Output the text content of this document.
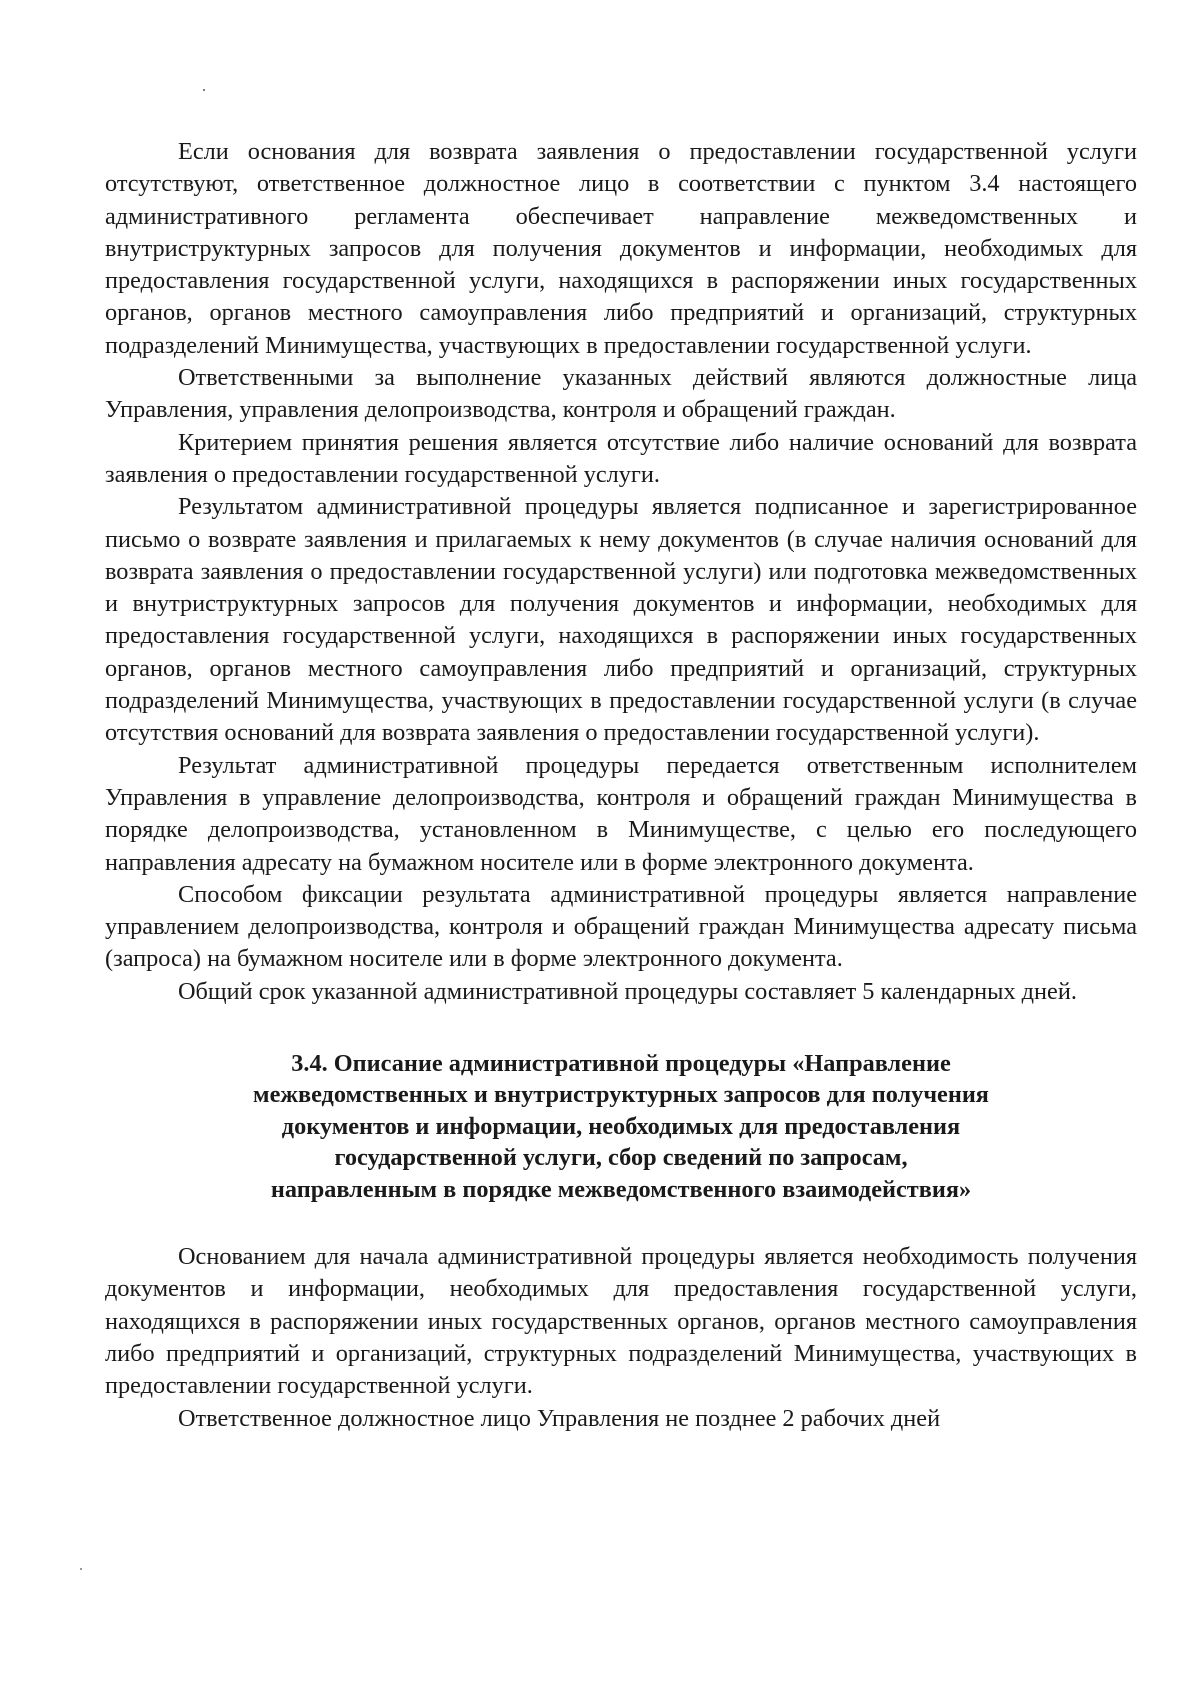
Если основания для возврата заявления о предоставлении государственной услуги отсутствуют, ответственное должностное лицо в соответствии с пунктом 3.4 настоящего административного регламента обеспечивает направление межведомственных и внутриструктурных запросов для получения документов и информации, необходимых для предоставления государственной услуги, находящихся в распоряжении иных государственных органов, органов местного самоуправления либо предприятий и организаций, структурных подразделений Минимущества, участвующих в предоставлении государственной услуги.

Ответственными за выполнение указанных действий являются должностные лица Управления, управления делопроизводства, контроля и обращений граждан.

Критерием принятия решения является отсутствие либо наличие оснований для возврата заявления о предоставлении государственной услуги.

Результатом административной процедуры является подписанное и зарегистрированное письмо о возврате заявления и прилагаемых к нему документов (в случае наличия оснований для возврата заявления о предоставлении государственной услуги) или подготовка межведомственных и внутриструктурных запросов для получения документов и информации, необходимых для предоставления государственной услуги, находящихся в распоряжении иных государственных органов, органов местного самоуправления либо предприятий и организаций, структурных подразделений Минимущества, участвующих в предоставлении государственной услуги (в случае отсутствия оснований для возврата заявления о предоставлении государственной услуги).

Результат административной процедуры передается ответственным исполнителем Управления в управление делопроизводства, контроля и обращений граждан Минимущества в порядке делопроизводства, установленном в Минимуществе, с целью его последующего направления адресату на бумажном носителе или в форме электронного документа.

Способом фиксации результата административной процедуры является направление управлением делопроизводства, контроля и обращений граждан Минимущества адресату письма (запроса) на бумажном носителе или в форме электронного документа.

Общий срок указанной административной процедуры составляет 5 календарных дней.

3.4. Описание административной процедуры «Направление
межведомственных и внутриструктурных запросов для получения
документов и информации, необходимых для предоставления
государственной услуги, сбор сведений по запросам,
направленным в порядке межведомственного взаимодействия»

Основанием для начала административной процедуры является необходимость получения документов и информации, необходимых для предоставления государственной услуги, находящихся в распоряжении иных государственных органов, органов местного самоуправления либо предприятий и организаций, структурных подразделений Минимущества, участвующих в предоставлении государственной услуги.

Ответственное должностное лицо Управления не позднее 2 рабочих дней
